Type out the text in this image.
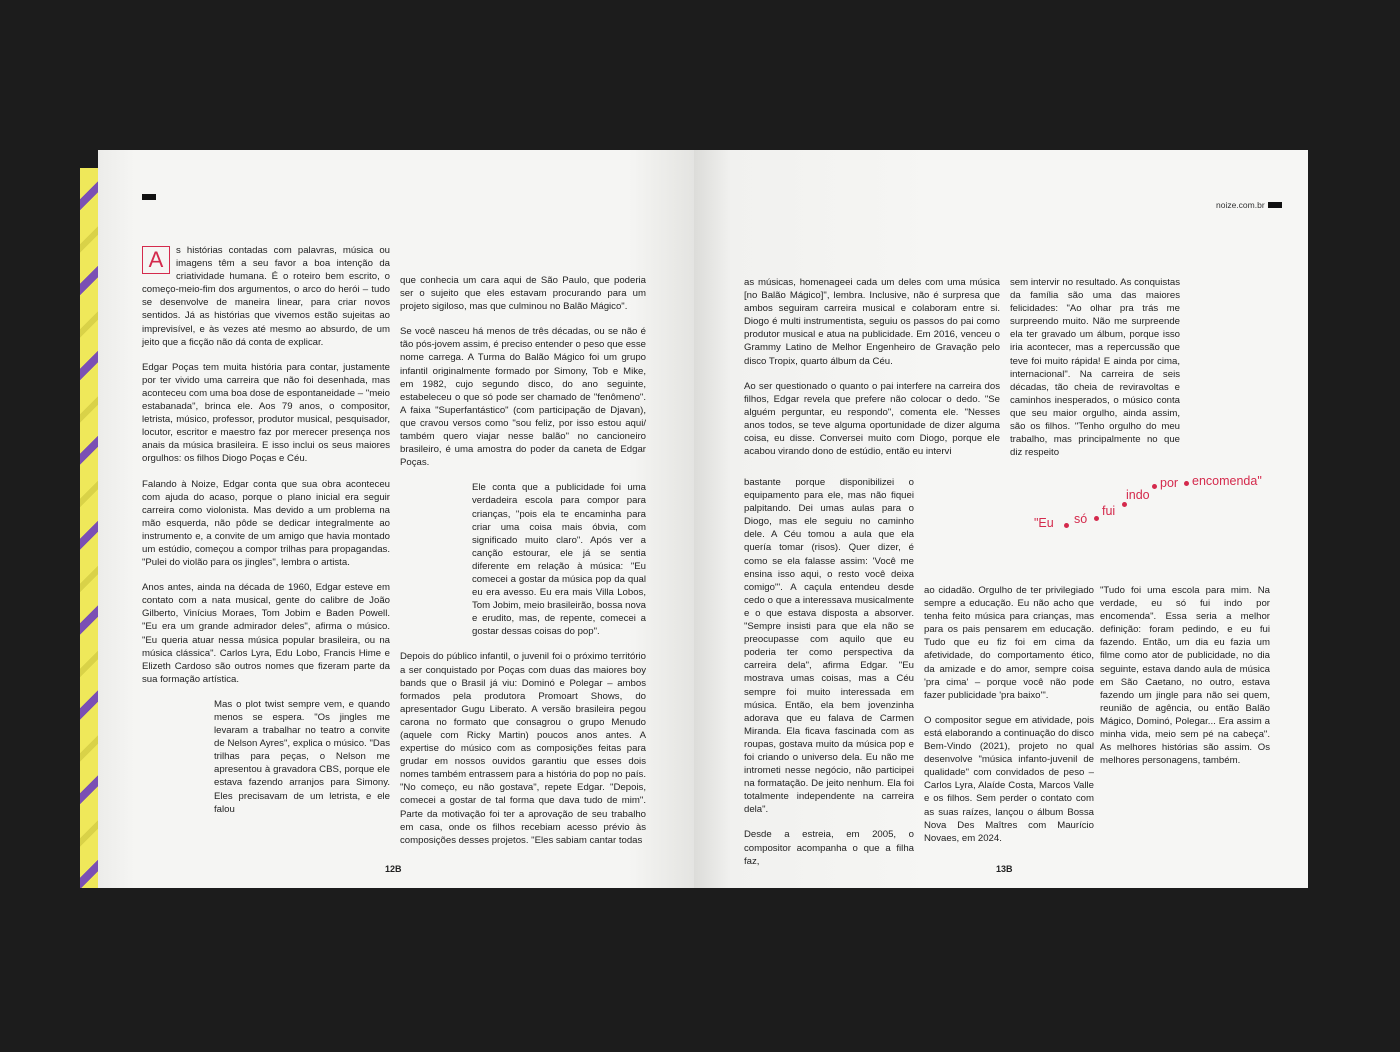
A	s histórias contadas com palavras, música ou imagens têm a seu favor a boa intenção da criatividade humana. É o roteiro bem escrito, o começo-meio-fim dos argumentos, o arco do herói – tudo se desenvolve de maneira linear, para criar novos sentidos. Já as histórias que vivemos estão sujeitas ao imprevisível, e às vezes até mesmo ao absurdo, de um jeito que a ficção não dá conta de explicar.

Edgar Poças tem muita história para contar, justamente por ter vivido uma carreira que não foi desenhada, mas aconteceu com uma boa dose de espontaneidade – "meio estabanada", brinca ele. Aos 79 anos, o compositor, letrista, músico, professor, produtor musical, pesquisador, locutor, escritor e maestro faz por merecer presença nos anais da música brasileira. E isso inclui os seus maiores orgulhos: os filhos Diogo Poças e Céu.

Falando à Noize, Edgar conta que sua obra aconteceu com ajuda do acaso, porque o plano inicial era seguir carreira como violonista. Mas devido a um problema na mão esquerda, não pôde se dedicar integralmente ao instrumento e, a convite de um amigo que havia montado um estúdio, começou a compor trilhas para propagandas. "Pulei do violão para os jingles", lembra o artista.

Anos antes, ainda na década de 1960, Edgar esteve em contato com a nata musical, gente do calibre de João Gilberto, Vinícius Moraes, Tom Jobim e Baden Powell. "Eu era um grande admirador deles", afirma o músico. "Eu queria atuar nessa música popular brasileira, ou na música clássica". Carlos Lyra, Edu Lobo, Francis Hime e Elizeth Cardoso são outros nomes que fizeram parte da sua formação artística.

Mas o plot twist sempre vem, e quando menos se espera. "Os jingles me levaram a trabalhar no teatro a convite de Nelson Ayres", explica o músico. "Das trilhas para peças, o Nelson me apresentou à gravadora CBS, porque ele estava fazendo arranjos para Simony. Eles precisavam de um letrista, e ele falou

que conhecia um cara aqui de São Paulo, que poderia ser o sujeito que eles estavam procurando para um projeto sigiloso, mas que culminou no Balão Mágico".

Se você nasceu há menos de três décadas, ou se não é tão pós-jovem assim, é preciso entender o peso que esse nome carrega. A Turma do Balão Mágico foi um grupo infantil originalmente formado por Simony, Tob e Mike, em 1982, cujo segundo disco, do ano seguinte, estabeleceu o que só pode ser chamado de "fenômeno". A faixa "Superfantástico" (com participação de Djavan), que cravou versos como "sou feliz, por isso estou aqui/ também quero viajar nesse balão" no cancioneiro brasileiro, é uma amostra do poder da caneta de Edgar Poças.

Ele conta que a publicidade foi uma verdadeira escola para compor para crianças, "pois ela te encaminha para criar uma coisa mais óbvia, com significado muito claro". Após ver a canção estourar, ele já se sentia diferente em relação à música: "Eu comecei a gostar da música pop da qual eu era avesso. Eu era mais Villa Lobos, Tom Jobim, meio brasileirão, bossa nova e erudito, mas, de repente, comecei a gostar dessas coisas do pop".

Depois do público infantil, o juvenil foi o próximo território a ser conquistado por Poças com duas das maiores boy bands que o Brasil já viu: Dominó e Polegar – ambos formados pela produtora Promoart Shows, do apresentador Gugu Liberato. A versão brasileira pegou carona no formato que consagrou o grupo Menudo (aquele com Ricky Martin) poucos anos antes. A expertise do músico com as composições feitas para grudar em nossos ouvidos garantiu que esses dois nomes também entrassem para a história do pop no país. "No começo, eu não gostava", repete Edgar. "Depois, comecei a gostar de tal forma que dava tudo de mim". Parte da motivação foi ter a aprovação de seu trabalho em casa, onde os filhos recebiam acesso prévio às composições desses projetos. "Eles sabiam cantar todas

12B
noize.com.br

as músicas, homenageei cada um deles com uma música [no Balão Mágico]", lembra. Inclusive, não é surpresa que ambos seguiram carreira musical e colaboram entre si. Diogo é multi instrumentista, seguiu os passos do pai como produtor musical e atua na publicidade. Em 2016, venceu o Grammy Latino de Melhor Engenheiro de Gravação pelo disco Tropix, quarto álbum da Céu.

Ao ser questionado o quanto o pai interfere na carreira dos filhos, Edgar revela que prefere não colocar o dedo. "Se alguém perguntar, eu respondo", comenta ele. "Nesses anos todos, se teve alguma oportunidade de dizer alguma coisa, eu disse. Conversei muito com Diogo, porque ele acabou virando dono de estúdio, então eu intervi

sem intervir no resultado. As conquistas da família são uma das maiores felicidades: "Ao olhar pra trás me surpreendo muito. Não me surpreende ela ter gravado um álbum, porque isso iria acontecer, mas a repercussão que teve foi muito rápida! E ainda por cima, internacional". Na carreira de seis décadas, tão cheia de reviravoltas e caminhos inesperados, o músico conta que seu maior orgulho, ainda assim, são os filhos. "Tenho orgulho do meu trabalho, mas principalmente no que diz respeito

"Eu só
fui
indo
por encomenda"

bastante porque disponibilizei o equipamento para ele, mas não fiquei palpitando. Dei umas aulas para o Diogo, mas ele seguiu no caminho dele. A Céu tomou a aula que ela quería tomar (risos). Quer dizer, é como se ela falasse assim: 'Você me ensina isso aqui, o resto você deixa comigo'". A caçula entendeu desde cedo o que a interessava musicalmente e o que estava disposta a absorver. "Sempre insisti para que ela não se preocupasse com aquilo que eu poderia ter como perspectiva da carreira dela", afirma Edgar. "Eu mostrava umas coisas, mas a Céu sempre foi muito interessada em música. Então, ela bem jovenzinha adorava que eu falava de Carmen Miranda. Ela ficava fascinada com as roupas, gostava muito da música pop e foi criando o universo dela. Eu não me intrometi nesse negócio, não participei na formatação. De jeito nenhum. Ela foi totalmente independente na carreira dela".

Desde a estreia, em 2005, o compositor acompanha o que a filha faz,

ao cidadão. Orgulho de ter privilegiado sempre a educação. Eu não acho que tenha feito música para crianças, mas para os pais pensarem em educação. Tudo que eu fiz foi em cima da afetividade, do comportamento ético, da amizade e do amor, sempre coisa 'pra cima' – porque você não pode fazer publicidade 'pra baixo'".

O compositor segue em atividade, pois está elaborando a continuação do disco Bem-Vindo (2021), projeto no qual desenvolve "música infanto-juvenil de qualidade" com convidados de peso – Carlos Lyra, Alaíde Costa, Marcos Valle e os filhos. Sem perder o contato com as suas raízes, lançou o álbum Bossa Nova Des Maîtres com Maurício Novaes, em 2024.

"Tudo foi uma escola para mim. Na verdade, eu só fui indo por encomenda". Essa seria a melhor definição: foram pedindo, e eu fui fazendo. Então, um dia eu fazia um filme como ator de publicidade, no dia seguinte, estava dando aula de música em São Caetano, no outro, estava fazendo um jingle para não sei quem, reunião de agência, ou então Balão Mágico, Dominó, Polegar... Era assim a minha vida, meio sem pé na cabeça". As melhores histórias são assim. Os melhores personagens, também.

13B
